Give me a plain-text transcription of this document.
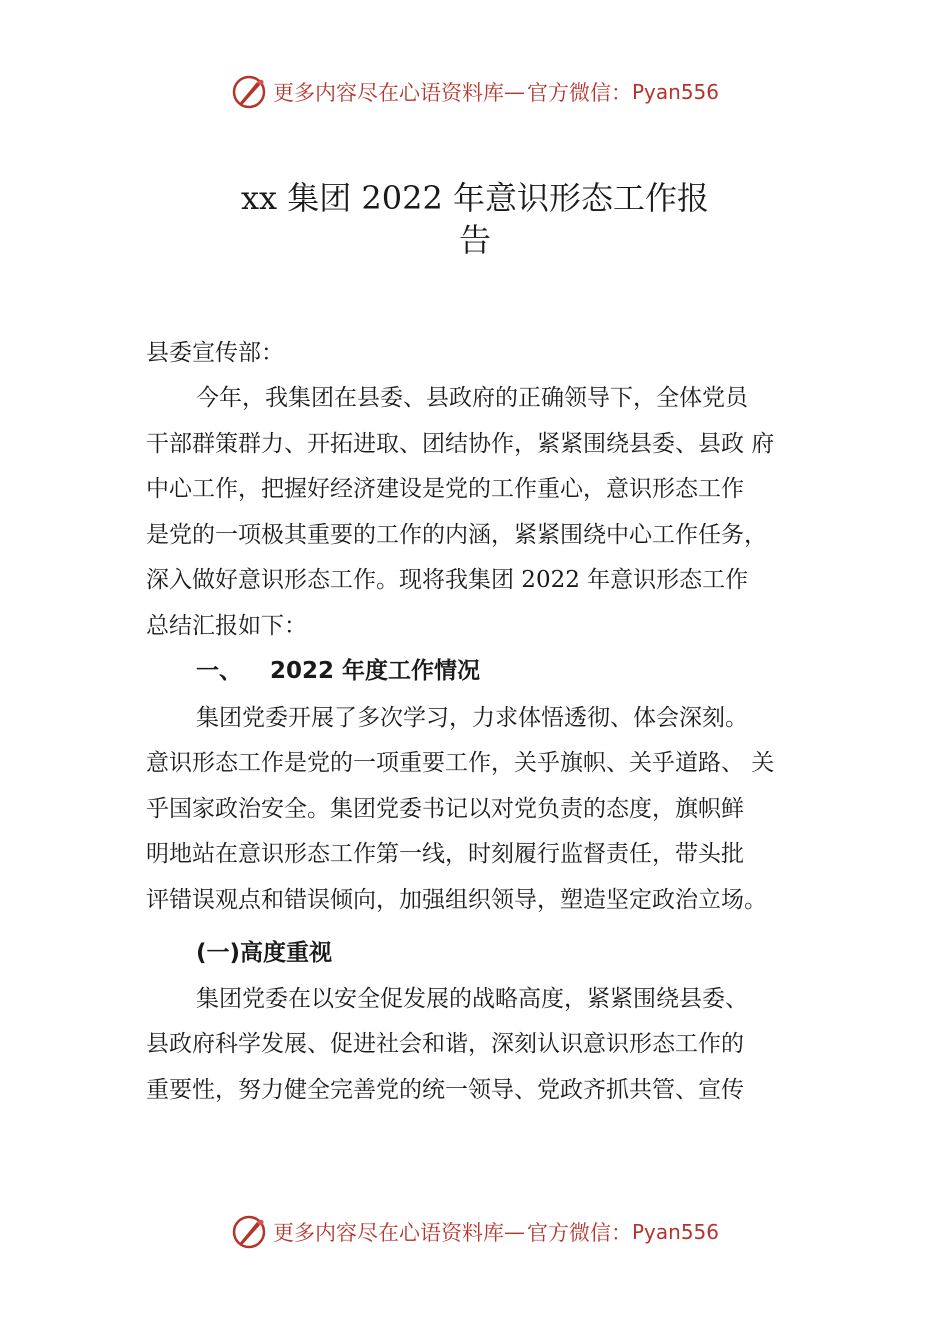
更多内容尽在心语资料库 — 官方微信： Pyan556
xx 集团 2022 年意识形态工作报
告
县委宣传部：
今年，我集团在县委、县政府的正确领导下，全体党员
干部群策群力、开拓进取、团结协作，紧紧围绕县委、县政 府
中心工作，把握好经济建设是党的工作重心，意识形态工作
是党的一项极其重要的工作的内涵，紧紧围绕中心工作任务，
深入做好意识形态工作。现将我集团 2022 年意识形态工作
总结汇报如下：
一、 2022 年度工作情况
集团党委开展了多次学习，力求体悟透彻、体会深刻。
意识形态工作是党的一项重要工作，关乎旗帜、关乎道路、 关
乎国家政治安全。集团党委书记以对党负责的态度，旗帜鲜
明地站在意识形态工作第一线，时刻履行监督责任，带头批
评错误观点和错误倾向，加强组织领导，塑造坚定政治立场。
(一)高度重视
集团党委在以安全促发展的战略高度，紧紧围绕县委、
县政府科学发展、促进社会和谐，深刻认识意识形态工作的
重要性，努力健全完善党的统一领导、党政齐抓共管、宣传
更多内容尽在心语资料库 — 官方微信： Pyan556
